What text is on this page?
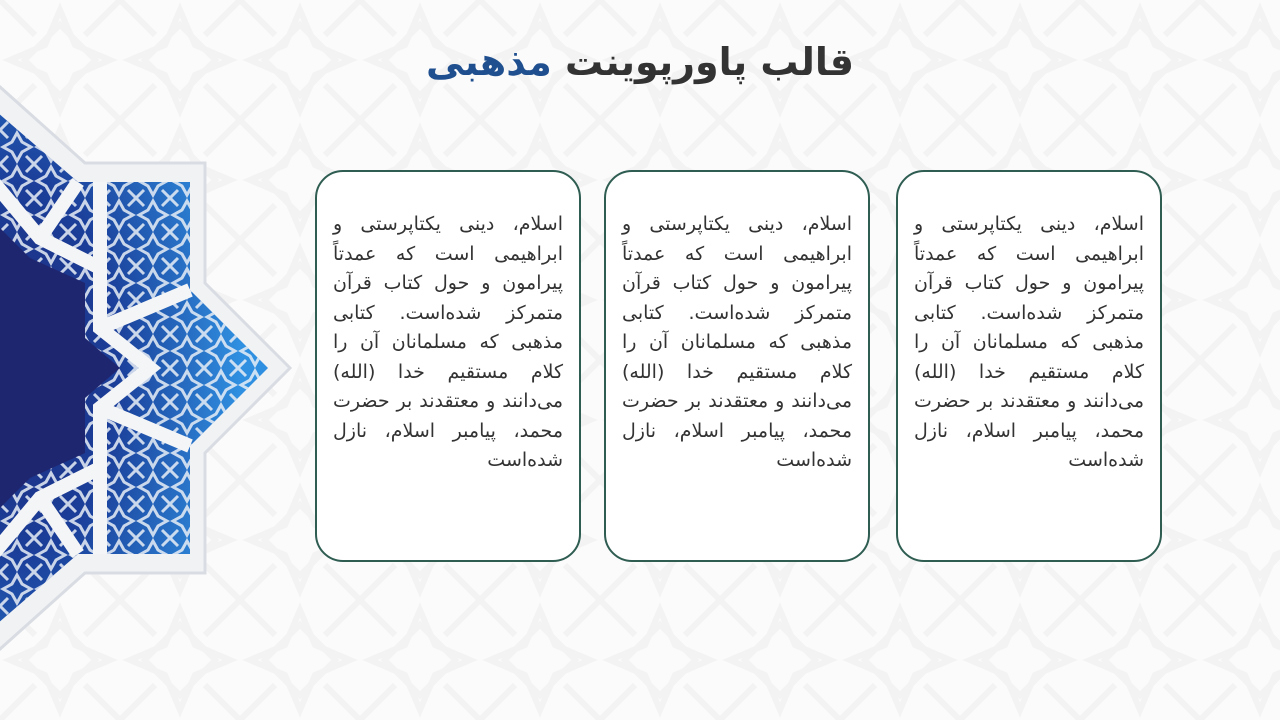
قالب پاورپوینت مذهبی
اسلام، دینی یکتاپرستی و ابراهیمی است که عمدتاً پیرامون و حول کتاب قرآن متمرکز شده‌است. کتابی مذهبی که مسلمانان آن را کلام مستقیم خدا (الله) می‌دانند و معتقدند بر حضرت محمد، پیامبر اسلام، نازل شده‌است
اسلام، دینی یکتاپرستی و ابراهیمی است که عمدتاً پیرامون و حول کتاب قرآن متمرکز شده‌است. کتابی مذهبی که مسلمانان آن را کلام مستقیم خدا (الله) می‌دانند و معتقدند بر حضرت محمد، پیامبر اسلام، نازل شده‌است
اسلام، دینی یکتاپرستی و ابراهیمی است که عمدتاً پیرامون و حول کتاب قرآن متمرکز شده‌است. کتابی مذهبی که مسلمانان آن را کلام مستقیم خدا (الله) می‌دانند و معتقدند بر حضرت محمد، پیامبر اسلام، نازل شده‌است
